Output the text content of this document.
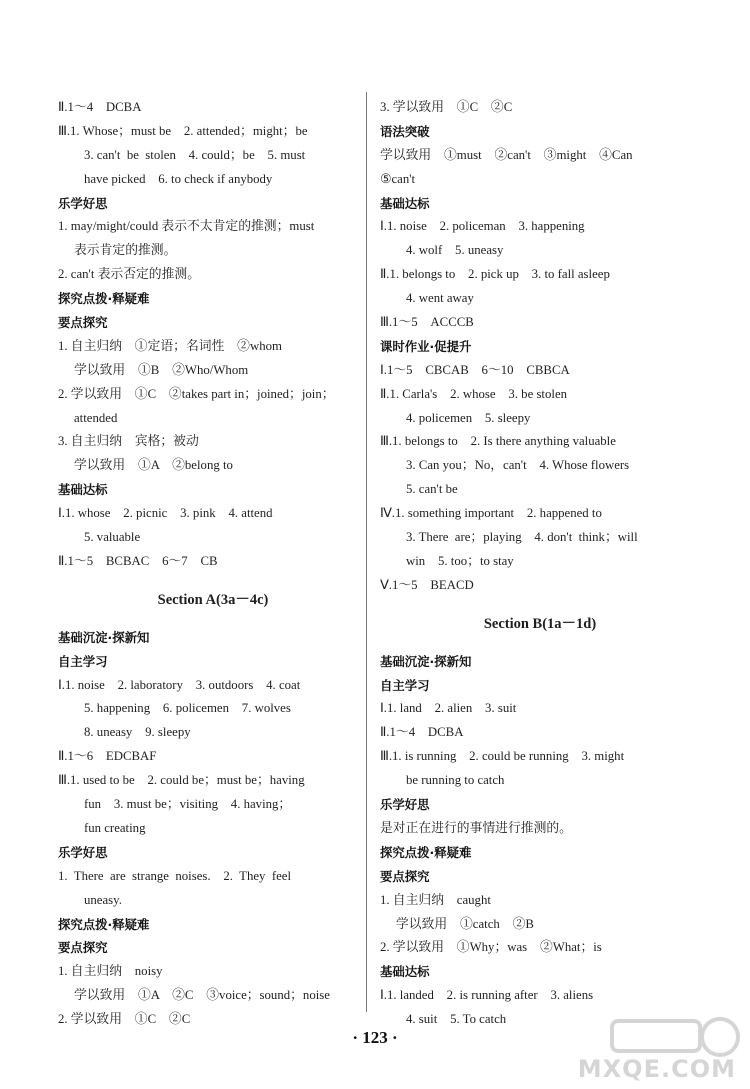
Ⅱ.1～4　DCBA
Ⅲ.1. Whose；must be　2. attended；might；be
3. can't  be  stolen　4. could；be　5. must
have picked　6. to check if anybody
乐学好思
1. may/might/could 表示不太肯定的推测；must
表示肯定的推测。
2. can't 表示否定的推测。
探究点拨·释疑难
要点探究
1. 自主归纳　①定语；名词性　②whom
学以致用　①B　②Who/Whom
2. 学以致用　①C　②takes part in；joined；join；
attended
3. 自主归纳　宾格；被动
学以致用　①A　②belong to
基础达标
Ⅰ.1. whose　2. picnic　3. pink　4. attend
5. valuable
Ⅱ.1～5　BCBAC　6～7　CB
Section A(3a－4c)
基础沉淀·探新知
自主学习
Ⅰ.1. noise　2. laboratory　3. outdoors　4. coat
5. happening　6. policemen　7. wolves
8. uneasy　9. sleepy
Ⅱ.1～6　EDCBAF
Ⅲ.1. used to be　2. could be；must be；having
fun　3. must be；visiting　4. having；
fun creating
乐学好思
1.  There  are  strange  noises.　2.  They  feel
uneasy.
探究点拨·释疑难
要点探究
1. 自主归纳　noisy
学以致用　①A　②C　③voice；sound；noise
2. 学以致用　①C　②C
3. 学以致用　①C　②C
语法突破
学以致用　①must　②can't　③might　④Can
⑤can't
基础达标
Ⅰ.1. noise　2. policeman　3. happening
4. wolf　5. uneasy
Ⅱ.1. belongs to　2. pick up　3. to fall asleep
4. went away
Ⅲ.1～5　ACCCB
课时作业·促提升
Ⅰ.1～5　CBCAB　6～10　CBBCA
Ⅱ.1. Carla's　2. whose　3. be stolen
4. policemen　5. sleepy
Ⅲ.1. belongs to　2. Is there anything valuable
3. Can you；No，can't　4. Whose flowers
5. can't be
Ⅳ.1. something important　2. happened to
3. There  are；playing　4. don't  think；will
win　5. too；to stay
Ⅴ.1～5　BEACD
Section B(1a－1d)
基础沉淀·探新知
自主学习
Ⅰ.1. land　2. alien　3. suit
Ⅱ.1～4　DCBA
Ⅲ.1. is running　2. could be running　3. might
be running to catch
乐学好思
是对正在进行的事情进行推测的。
探究点拨·释疑难
要点探究
1. 自主归纳　caught
学以致用　①catch　②B
2. 学以致用　①Why；was　②What；is
基础达标
Ⅰ.1. landed　2. is running after　3. aliens
4. suit　5. To catch
· 123 ·
MXQE.COM
